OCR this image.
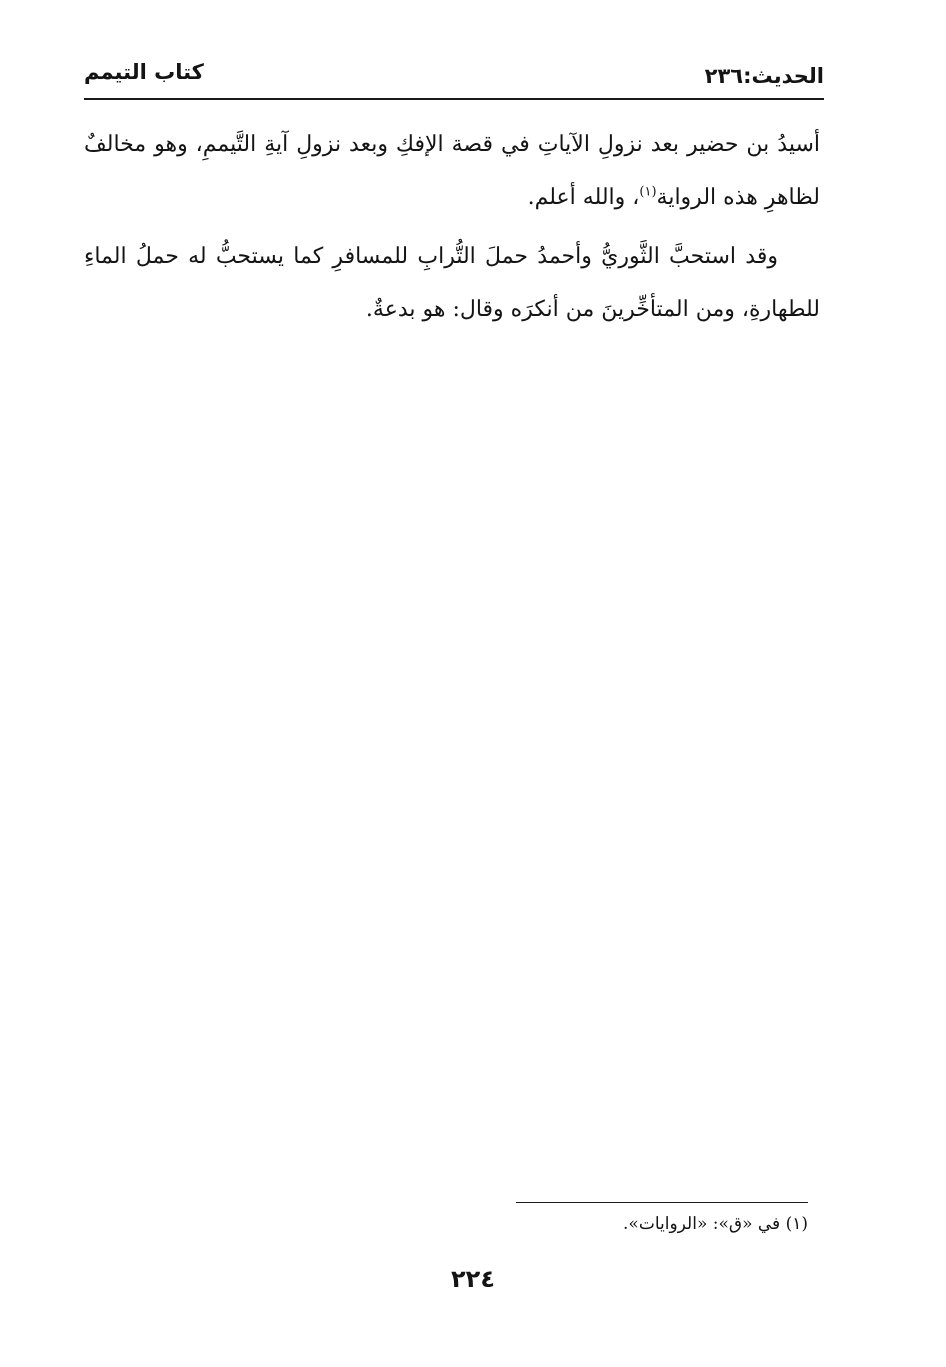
الحديث:٢٣٦
كتاب التيمم

أسيدُ بن حضير بعد نزولِ الآياتِ في قصة الإفكِ وبعد نزولِ آيةِ التَّيممِ، وهو مخالفٌ لظاهرِ هذه الرواية$^{(١)}$، والله أعلم.

وقد استحبَّ الثَّوريُّ وأحمدُ حملَ التُّرابِ للمسافرِ كما يستحبُّ له حملُ الماءِ للطهارةِ، ومن المتأخِّرينَ من أنكرَه وقال: هو بدعةٌ.

(١) في «ق»: «الروايات».
٢٢٤
